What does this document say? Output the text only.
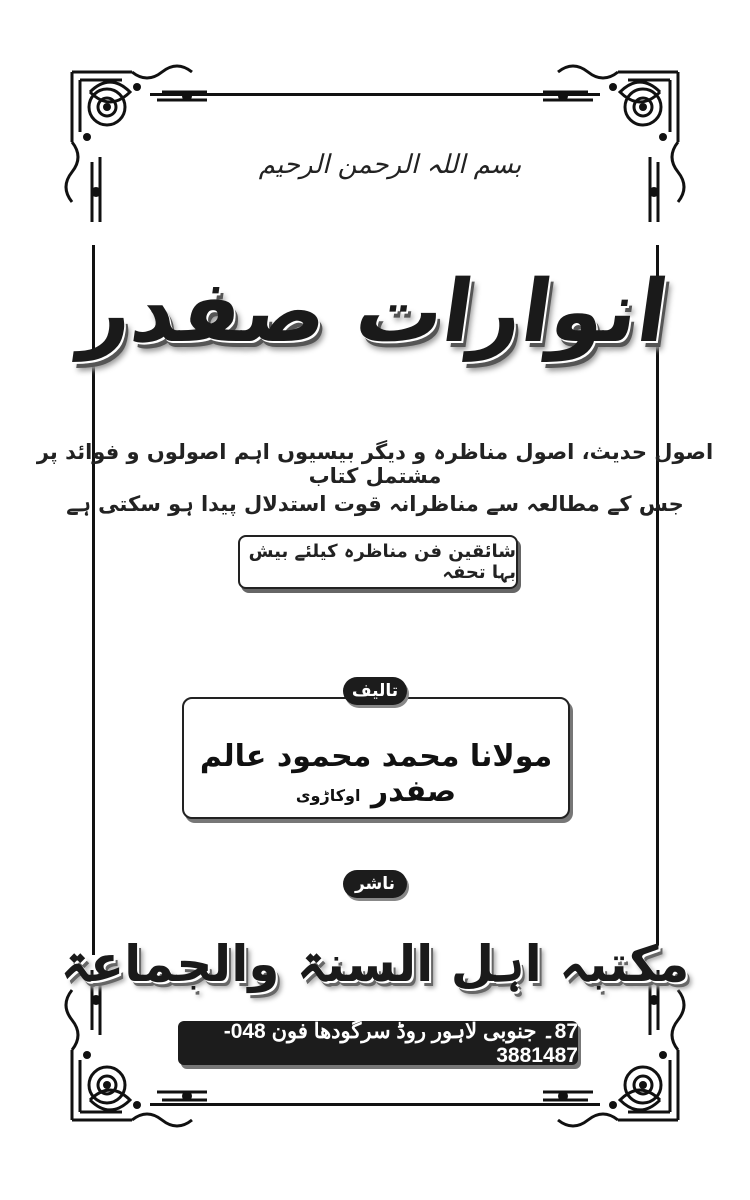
بسم اللہ الرحمن الرحیم
انوارات صفدر
اصول حدیث، اصول مناظرہ و دیگر بیسیوں اہم اصولوں و فوائد پر مشتمل کتاب
جس کے مطالعہ سے مناظرانہ قوت استدلال پیدا ہو سکتی ہے
شائقین فن مناظرہ کیلئے بیش بہا تحفہ
مولانا محمد محمود عالم صفدر اوکاڑوی
تالیف
ناشر
مکتبہ اہل السنۃ والجماعۃ
87۔ جنوبی لاہور روڈ سرگودھا فون 048-3881487
